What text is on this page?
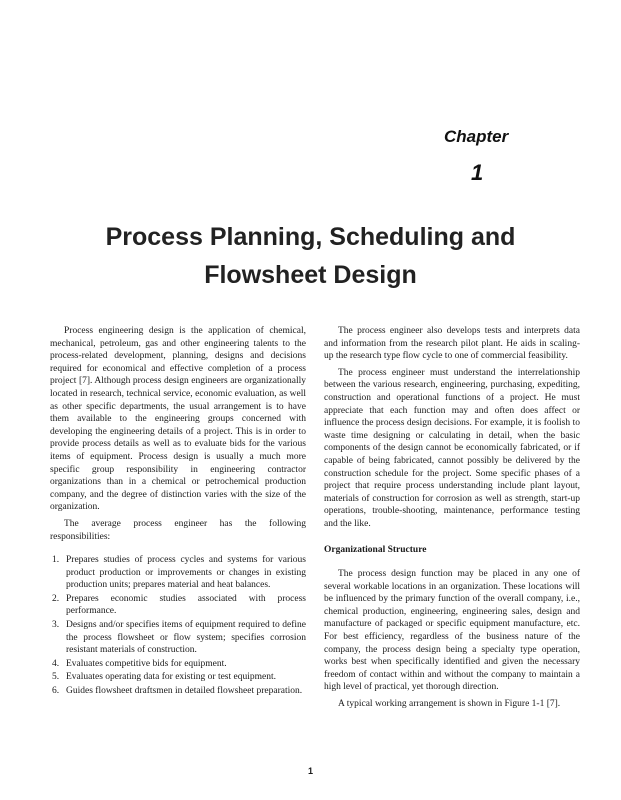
Chapter
1
Process Planning, Scheduling and
Flowsheet Design

Process engineering design is the application of chemical, mechanical, petroleum, gas and other engineering talents to the process-related development, planning, designs and decisions required for economical and effective completion of a process project [7]. Although process design engineers are organizationally located in research, technical service, economic evaluation, as well as other specific departments, the usual arrangement is to have them available to the engineering groups concerned with developing the engineering details of a project. This is in order to provide process details as well as to evaluate bids for the various items of equipment. Process design is usually a much more specific group responsibility in engineering contractor organizations than in a chemical or petrochemical production company, and the degree of distinction varies with the size of the organization.

The average process engineer has the following responsibilities:

1. Prepares studies of process cycles and systems for various product production or improvements or changes in existing production units; prepares material and heat balances.
2. Prepares economic studies associated with process performance.
3. Designs and/or specifies items of equipment required to define the process flowsheet or flow system; specifies corrosion resistant materials of construction.
4. Evaluates competitive bids for equipment.
5. Evaluates operating data for existing or test equipment.
6. Guides flowsheet draftsmen in detailed flowsheet preparation.

The process engineer also develops tests and interprets data and information from the research pilot plant. He aids in scaling-up the research type flow cycle to one of commercial feasibility.

The process engineer must understand the interrelationship between the various research, engineering, purchasing, expediting, construction and operational functions of a project. He must appreciate that each function may and often does affect or influence the process design decisions. For example, it is foolish to waste time designing or calculating in detail, when the basic components of the design cannot be economically fabricated, or if capable of being fabricated, cannot possibly be delivered by the construction schedule for the project. Some specific phases of a project that require process understanding include plant layout, materials of construction for corrosion as well as strength, start-up operations, trouble-shooting, maintenance, performance testing and the like.

Organizational Structure

The process design function may be placed in any one of several workable locations in an organization. These locations will be influenced by the primary function of the overall company, i.e., chemical production, engineering, engineering sales, design and manufacture of packaged or specific equipment manufacture, etc. For best efficiency, regardless of the business nature of the company, the process design being a specialty type operation, works best when specifically identified and given the necessary freedom of contact within and without the company to maintain a high level of practical, yet thorough direction.

A typical working arrangement is shown in Figure 1-1 [7].

1
